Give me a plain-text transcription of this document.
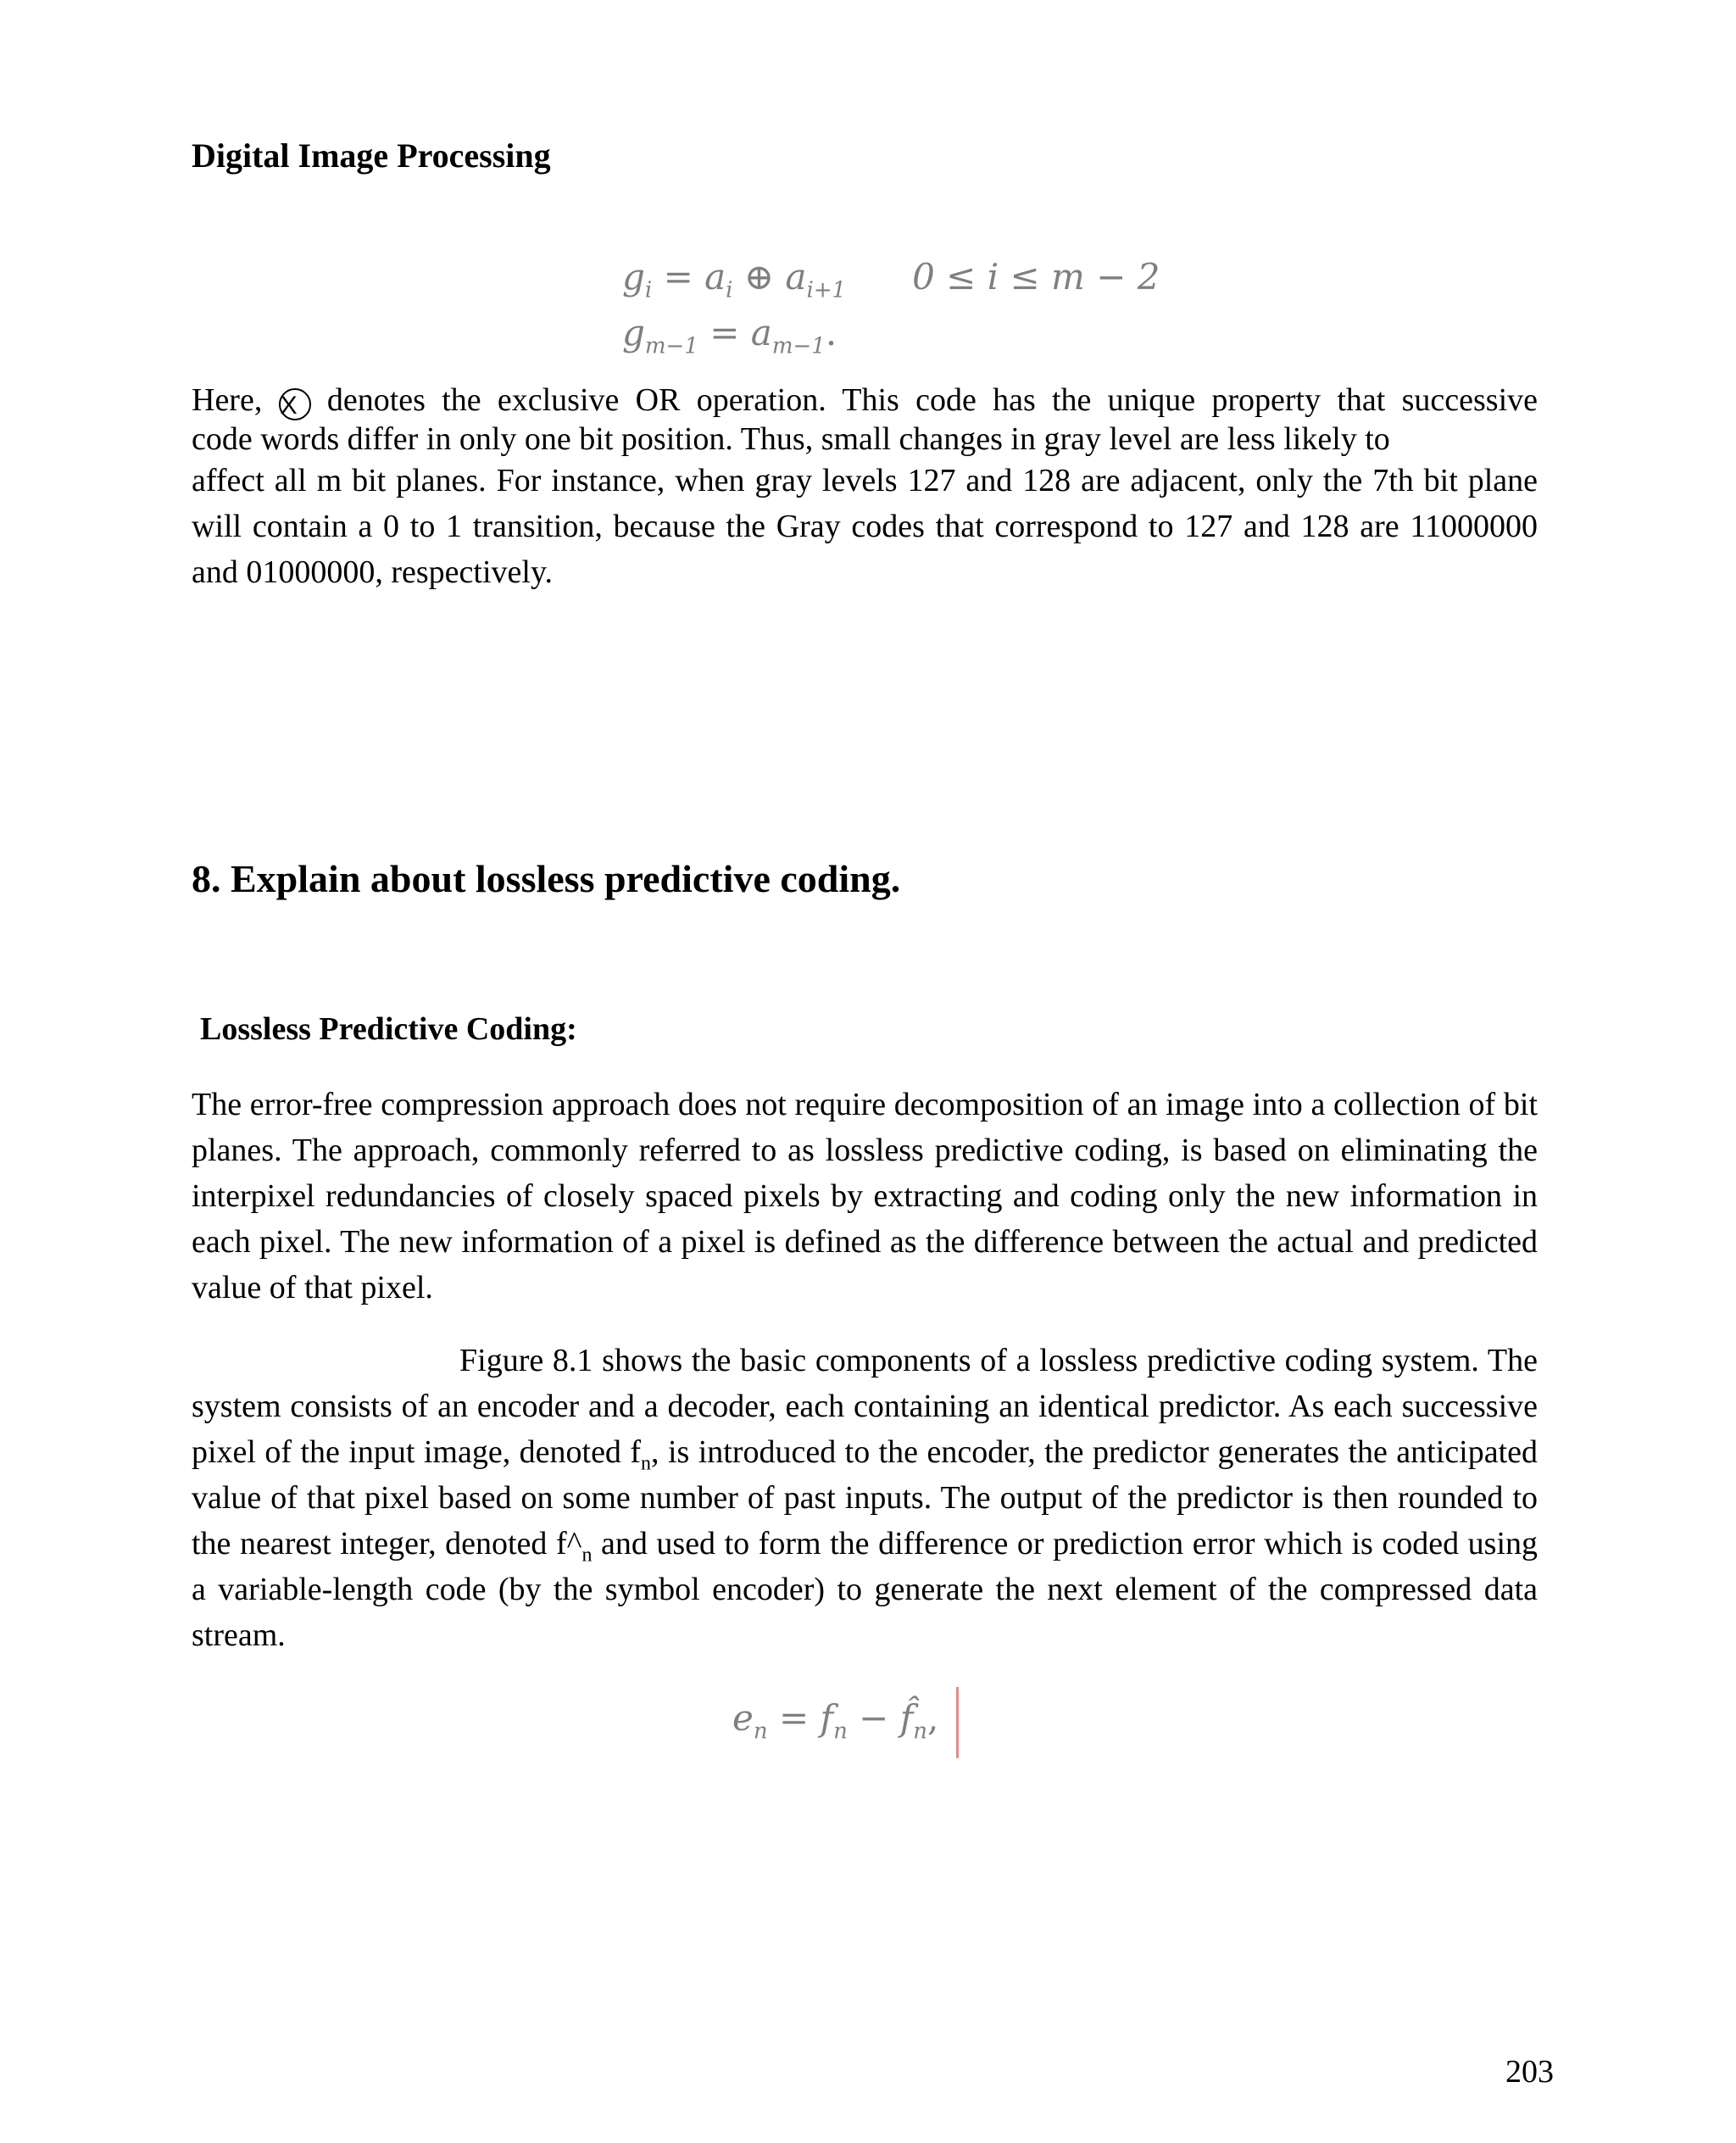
Digital Image Processing

$g_i = a_i$ ⊕ $a_{i+1}$ 0 ≤ i ≤ m − 2
$g_{m-1} = a_{m-1}$.
Here, X denotes the exclusive OR operation. This code has the unique property that successive
code words differ in only one bit position. Thus, small changes in gray level are less likely to
affect all m bit planes. For instance, when gray levels 127 and 128 are adjacent, only the 7th bit plane will contain a 0 to 1 transition, because the Gray codes that correspond to 127 and 128 are 11000000 and 01000000, respectively.
8. Explain about lossless predictive coding.
Lossless Predictive Coding:

The error-free compression approach does not require decomposition of an image into a collection of bit planes. The approach, commonly referred to as lossless predictive coding, is based on eliminating the interpixel redundancies of closely spaced pixels by extracting and coding only the new information in each pixel. The new information of a pixel is defined as the difference between the actual and predicted value of that pixel.

Figure 8.1 shows the basic components of a lossless predictive coding system. The system consists of an encoder and a decoder, each containing an identical predictor. As each successive pixel of the input image, denoted $f_n$, is introduced to the encoder, the predictor generates the anticipated value of that pixel based on some number of past inputs. The output of the predictor is then rounded to the nearest integer, denoted $f\^{}_n$ and used to form the difference or prediction error which is coded using a variable-length code (by the symbol encoder) to generate the next element of the compressed data stream.

$e_n = f_n$ − $f̂_n$,

203
